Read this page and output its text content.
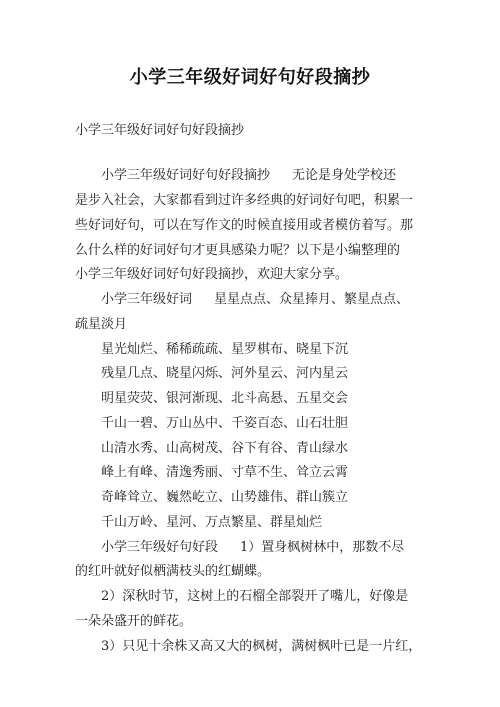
小学三年级好词好句好段摘抄
小学三年级好词好句好段摘抄
小学三年级好词好句好段摘抄 无论是身处学校还
是步入社会，大家都看到过许多经典的好词好句吧，积累一
些好词好句，可以在写作文的时候直接用或者模仿着写。那
么什么样的好词好句才更具感染力呢？以下是小编整理的
小学三年级好词好句好段摘抄，欢迎大家分享。
小学三年级好词 星星点点、众星捧月、繁星点点、
疏星淡月
星光灿烂、稀稀疏疏、星罗棋布、晓星下沉
残星几点、晓星闪烁、河外星云、河内星云
明星荧荧、银河渐现、北斗高悬、五星交会
千山一碧、万山丛中、千姿百态、山石壮胆
山清水秀、山高树茂、谷下有谷、青山绿水
峰上有峰、清逸秀丽、寸草不生、耸立云霄
奇峰耸立、巍然屹立、山势雄伟、群山簇立
千山万岭、星河、万点繁星、群星灿烂
小学三年级好句好段 1）置身枫树林中，那数不尽
的红叶就好似栖满枝头的红蝴蝶。
2）深秋时节，这树上的石榴全部裂开了嘴儿，好像是
一朵朵盛开的鲜花。
3）只见十余株又高又大的枫树，满树枫叶已是一片红，
